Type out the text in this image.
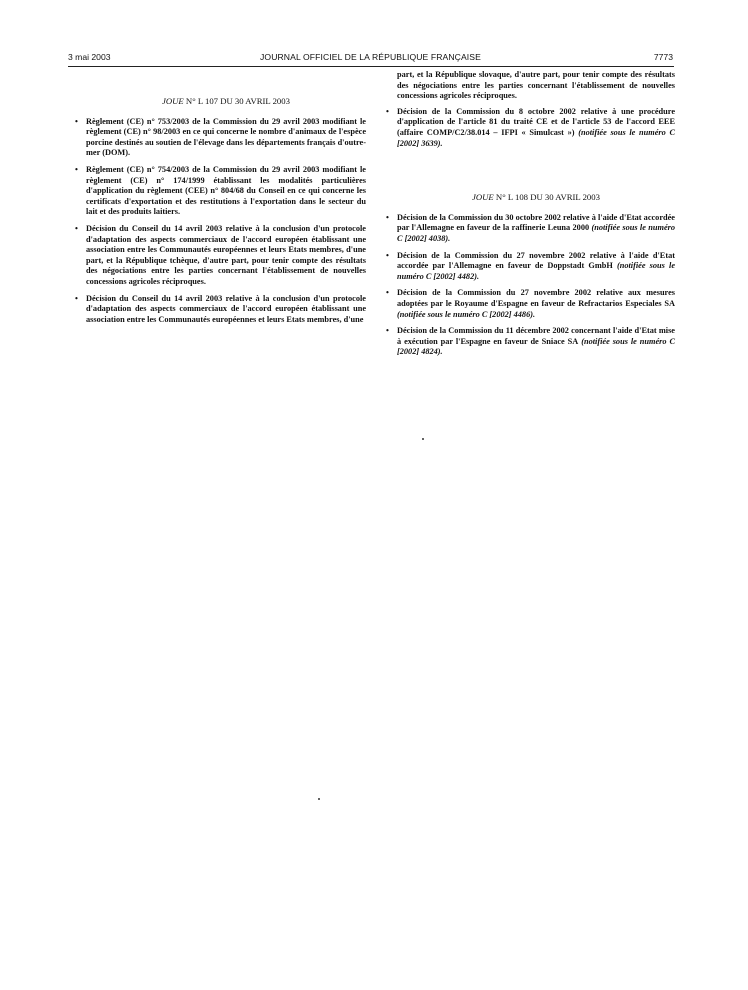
3 mai 2003	JOURNAL OFFICIEL DE LA RÉPUBLIQUE FRANÇAISE	7773
JOUE N° L 107 DU 30 AVRIL 2003
• Règlement (CE) n° 753/2003 de la Commission du 29 avril 2003 modifiant le règlement (CE) n° 98/2003 en ce qui concerne le nombre d'animaux de l'espèce porcine destinés au soutien de l'élevage dans les départements français d'outre-mer (DOM).
• Règlement (CE) n° 754/2003 de la Commission du 29 avril 2003 modifiant le règlement (CE) n° 174/1999 établissant les modalités particulières d'application du règlement (CEE) n° 804/68 du Conseil en ce qui concerne les certificats d'exportation et des restitutions à l'exportation dans le secteur du lait et des produits laitiers.
• Décision du Conseil du 14 avril 2003 relative à la conclusion d'un protocole d'adaptation des aspects commerciaux de l'accord européen établissant une association entre les Communautés européennes et leurs Etats membres, d'une part, et la République tchèque, d'autre part, pour tenir compte des résultats des négociations entre les parties concernant l'établissement de nouvelles concessions agricoles réciproques.
• Décision du Conseil du 14 avril 2003 relative à la conclusion d'un protocole d'adaptation des aspects commerciaux de l'accord européen établissant une association entre les Communautés européennes et leurs Etats membres, d'une
part, et la République slovaque, d'autre part, pour tenir compte des résultats des négociations entre les parties concernant l'établissement de nouvelles concessions agricoles réciproques.
• Décision de la Commission du 8 octobre 2002 relative à une procédure d'application de l'article 81 du traité CE et de l'article 53 de l'accord EEE (affaire COMP/C2/38.014 – IFPI « Simulcast ») (notifiée sous le numéro C [2002] 3639).
JOUE N° L 108 DU 30 AVRIL 2003
• Décision de la Commission du 30 octobre 2002 relative à l'aide d'Etat accordée par l'Allemagne en faveur de la raffinerie Leuna 2000 (notifiée sous le numéro C [2002] 4038).
• Décision de la Commission du 27 novembre 2002 relative à l'aide d'Etat accordée par l'Allemagne en faveur de Doppstadt GmbH (notifiée sous le numéro C [2002] 4482).
• Décision de la Commission du 27 novembre 2002 relative aux mesures adoptées par le Royaume d'Espagne en faveur de Refractarios Especiales SA (notifiée sous le numéro C [2002] 4486).
• Décision de la Commission du 11 décembre 2002 concernant l'aide d'Etat mise à exécution par l'Espagne en faveur de Sniace SA (notifiée sous le numéro C [2002] 4824).
